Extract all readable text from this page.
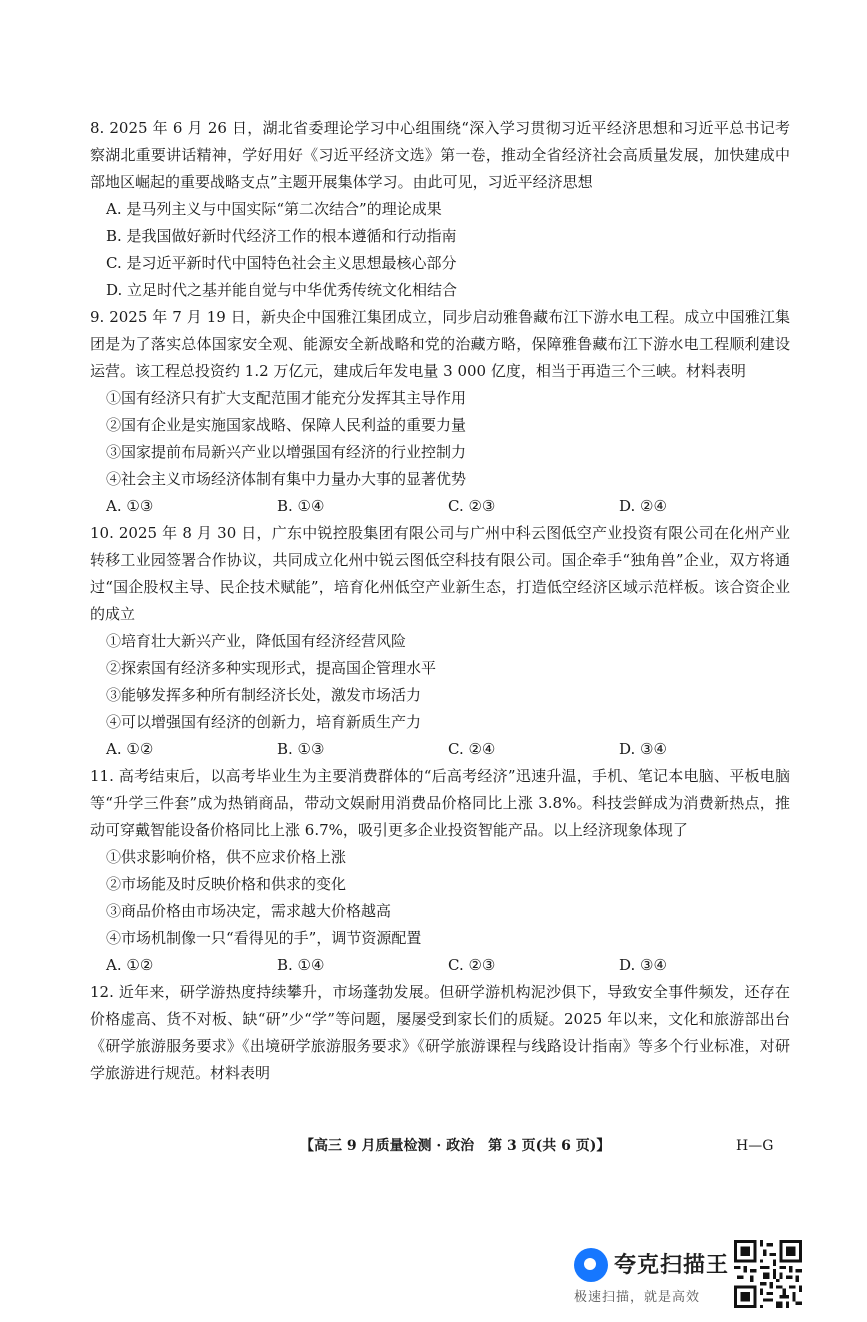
8. 2025 年 6 月 26 日，湖北省委理论学习中心组围绕“深入学习贯彻习近平经济思想和习近平总书记考察湖北重要讲话精神，学好用好《习近平经济文选》第一卷，推动全省经济社会高质量发展，加快建成中部地区崛起的重要战略支点”主题开展集体学习。由此可见，习近平经济思想
A. 是马列主义与中国实际“第二次结合”的理论成果
B. 是我国做好新时代经济工作的根本遵循和行动指南
C. 是习近平新时代中国特色社会主义思想最核心部分
D. 立足时代之基并能自觉与中华优秀传统文化相结合
9. 2025 年 7 月 19 日，新央企中国雅江集团成立，同步启动雅鲁藏布江下游水电工程。成立中国雅江集团是为了落实总体国家安全观、能源安全新战略和党的治藏方略，保障雅鲁藏布江下游水电工程顺利建设运营。该工程总投资约 1.2 万亿元，建成后年发电量 3 000 亿度，相当于再造三个三峡。材料表明
①国有经济只有扩大支配范围才能充分发挥其主导作用
②国有企业是实施国家战略、保障人民利益的重要力量
③国家提前布局新兴产业以增强国有经济的行业控制力
④社会主义市场经济体制有集中力量办大事的显著优势
A. ①③	B. ①④	C. ②③	D. ②④
10. 2025 年 8 月 30 日，广东中锐控股集团有限公司与广州中科云图低空产业投资有限公司在化州产业转移工业园签署合作协议，共同成立化州中锐云图低空科技有限公司。国企牵手“独角兽”企业，双方将通过“国企股权主导、民企技术赋能”，培育化州低空产业新生态，打造低空经济区域示范样板。该合资企业的成立
①培育壮大新兴产业，降低国有经济经营风险
②探索国有经济多种实现形式，提高国企管理水平
③能够发挥多种所有制经济长处，激发市场活力
④可以增强国有经济的创新力，培育新质生产力
A. ①②	B. ①③	C. ②④	D. ③④
11. 高考结束后，以高考毕业生为主要消费群体的“后高考经济”迅速升温，手机、笔记本电脑、平板电脑等“升学三件套”成为热销商品，带动文娱耐用消费品价格同比上涨 3.8%。科技尝鲜成为消费新热点，推动可穿戴智能设备价格同比上涨 6.7%，吸引更多企业投资智能产品。以上经济现象体现了
①供求影响价格，供不应求价格上涨
②市场能及时反映价格和供求的变化
③商品价格由市场决定，需求越大价格越高
④市场机制像一只“看得见的手”，调节资源配置
A. ①②	B. ①④	C. ②③	D. ③④
12. 近年来，研学游热度持续攀升，市场蓬勃发展。但研学游机构泥沙俱下，导致安全事件频发，还存在价格虚高、货不对板、缺“研”少“学”等问题，屡屡受到家长们的质疑。2025 年以来，文化和旅游部出台《研学旅游服务要求》《出境研学旅游服务要求》《研学旅游课程与线路设计指南》等多个行业标准，对研学旅游进行规范。材料表明
【高三 9 月质量检测 · 政治　第 3 页(共 6 页)】	H—G
夸克扫描王
极速扫描，就是高效
